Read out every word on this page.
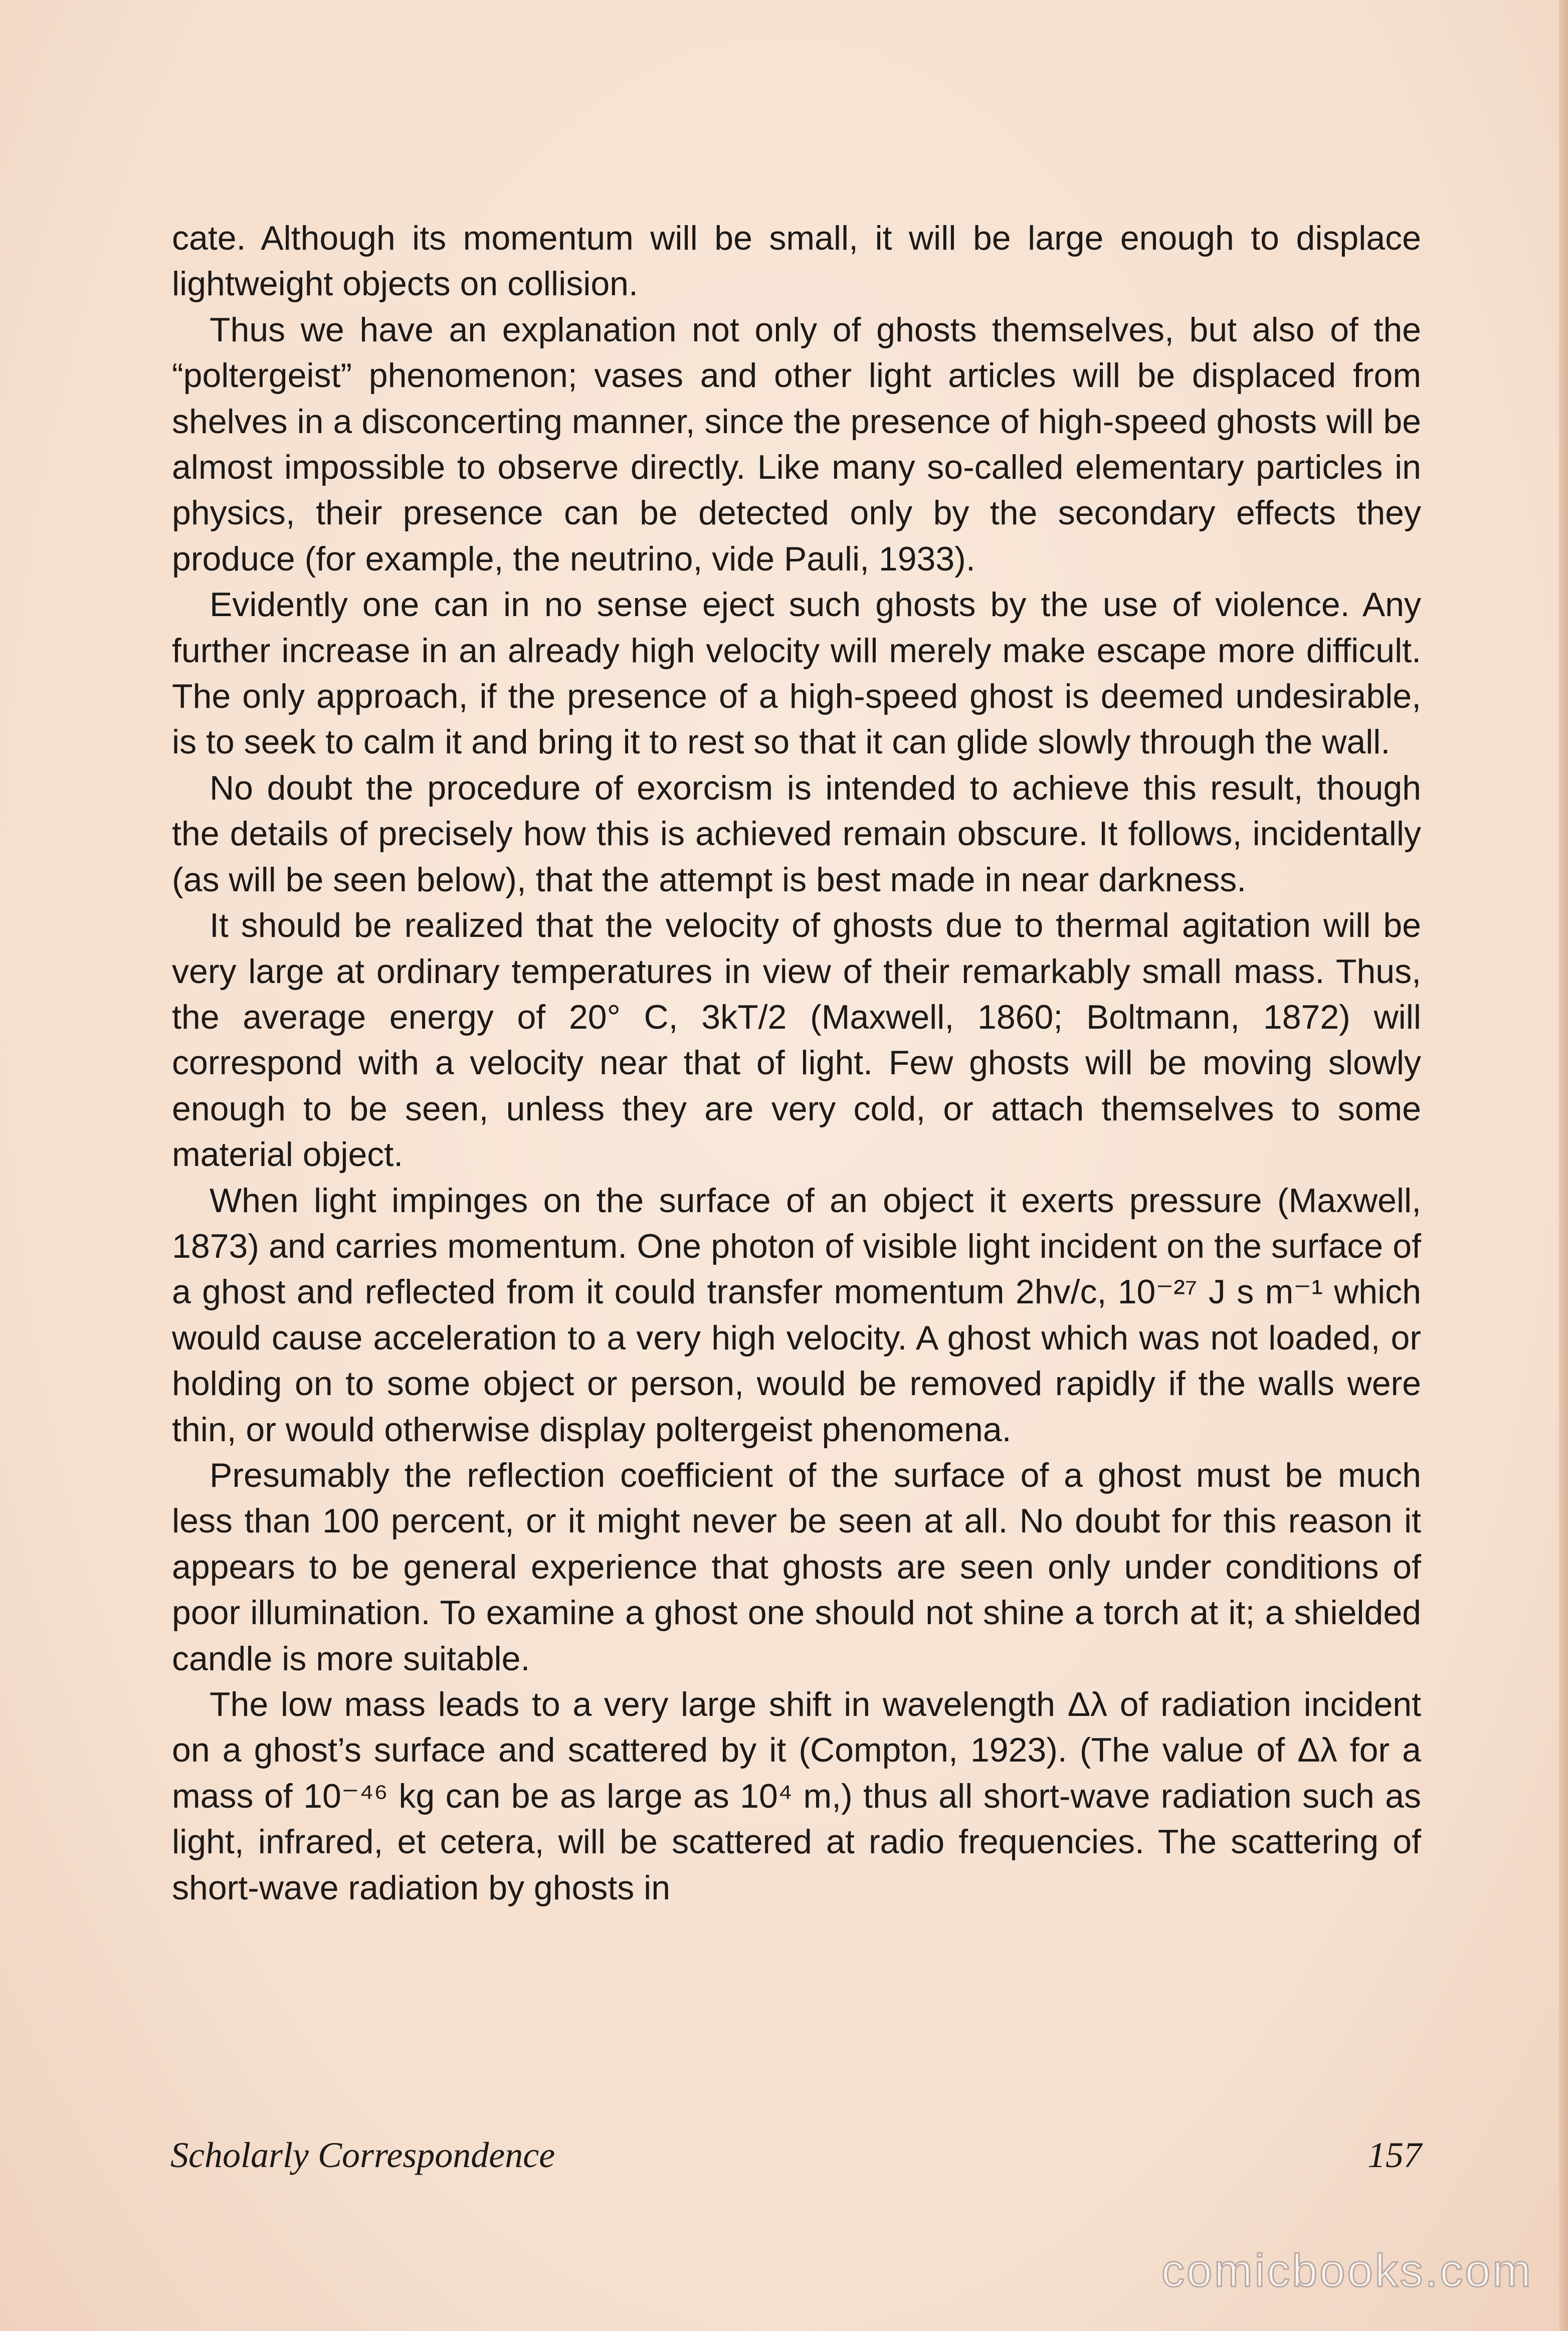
cate. Although its momentum will be small, it will be large enough to displace lightweight objects on collision.

Thus we have an explanation not only of ghosts themselves, but also of the “poltergeist” phenomenon; vases and other light articles will be displaced from shelves in a disconcerting manner, since the presence of high-speed ghosts will be almost impossible to observe directly. Like many so-called elementary particles in physics, their presence can be detected only by the secondary effects they produce (for example, the neutrino, vide Pauli, 1933).

Evidently one can in no sense eject such ghosts by the use of violence. Any further increase in an already high velocity will merely make escape more difficult. The only approach, if the presence of a high-speed ghost is deemed undesirable, is to seek to calm it and bring it to rest so that it can glide slowly through the wall.

No doubt the procedure of exorcism is intended to achieve this result, though the details of precisely how this is achieved remain obscure. It follows, incidentally (as will be seen below), that the attempt is best made in near darkness.

It should be realized that the velocity of ghosts due to thermal agitation will be very large at ordinary temperatures in view of their remarkably small mass. Thus, the average energy of 20° C, 3kT/2 (Maxwell, 1860; Boltmann, 1872) will correspond with a velocity near that of light. Few ghosts will be moving slowly enough to be seen, unless they are very cold, or attach themselves to some material object.

When light impinges on the surface of an object it exerts pressure (Maxwell, 1873) and carries momentum. One photon of visible light incident on the surface of a ghost and reflected from it could transfer momentum 2hv/c, 10⁻²⁷ J s m⁻¹ which would cause acceleration to a very high velocity. A ghost which was not loaded, or holding on to some object or person, would be removed rapidly if the walls were thin, or would otherwise display poltergeist phenomena.

Presumably the reflection coefficient of the surface of a ghost must be much less than 100 percent, or it might never be seen at all. No doubt for this reason it appears to be general experience that ghosts are seen only under conditions of poor illumination. To examine a ghost one should not shine a torch at it; a shielded candle is more suitable.

The low mass leads to a very large shift in wavelength Δλ of radiation incident on a ghost’s surface and scattered by it (Compton, 1923). (The value of Δλ for a mass of 10⁻⁴⁶ kg can be as large as 10⁴ m,) thus all short-wave radiation such as light, infrared, et cetera, will be scattered at radio frequencies. The scattering of short-wave radiation by ghosts in

Scholarly Correspondence	157
comicbooks.com
